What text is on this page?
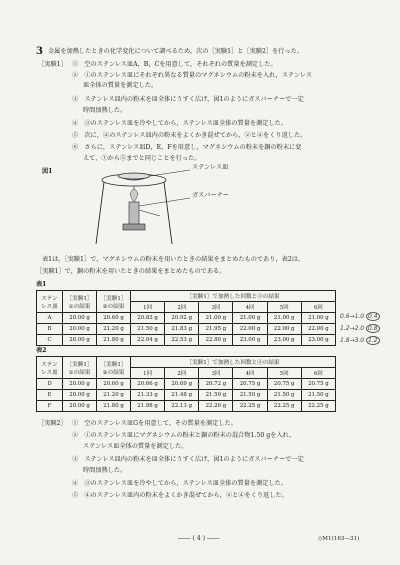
3 金属を加熱したときの化学変化について調べるため，次の［実験1］と［実験2］を行った。
［実験1］ ①　空のステンレス皿A，B，Cを用意して，それぞれの質量を測定した。
②　①のステンレス皿にそれぞれ異なる質量のマグネシウムの粉末を入れ，ステンレス
皿全体の質量を測定した。
③　ステンレス皿内の粉末を皿全体にうすく広げ，図1のようにガスバーナーで一定
時間加熱した。
④　③のステンレス皿を冷やしてから，ステンレス皿全体の質量を測定した。
⑤　次に，④のステンレス皿内の粉末をよくかき混ぜてから，②と④をくり返した。
⑥　さらに，ステンレス皿D，E，Fを用意し，マグネシウムの粉末を銅の粉末に変
えて，①から⑤までと同じことを行った。
図1
ステンレス皿
ガスバーナー
表1は，［実験1］で，マグネシウムの粉末を用いたときの結果をまとめたものであり，表2は，
［実験1］で，銅の粉末を用いたときの結果をまとめたものである。
表1
ステン
レス皿	［実験1］
①の結果	［実験1］
②の結果	［実験1］で加熱した回数と④の結果					
			1回	2回	3回	4回	5回	6回
A	20.00 g	20.60 g	20.83 g	20.92 g	21.00 g	21.00 g	21.00 g	21.00 g
B	20.00 g	21.20 g	21.50 g	21.83 g	21.95 g	22.00 g	22.00 g	22.00 g
C	20.00 g	21.80 g	22.04 g	22.53 g	22.80 g	23.00 g	23.00 g	23.00 g
0.6→1.0 0.4
1.2→2.0 0.8
1.8→3.0 1.2
表2
ステン
レス皿	［実験1］
①の結果	［実験1］
②の結果	［実験1］で加熱した回数と④の結果					
			1回	2回	3回	4回	5回	6回
D	20.00 g	20.60 g	20.66 g	20.69 g	20.72 g	20.75 g	20.75 g	20.75 g
E	20.00 g	21.20 g	21.33 g	21.48 g	21.50 g	21.50 g	21.50 g	21.50 g
F	20.00 g	21.80 g	21.98 g	22.13 g	22.20 g	22.25 g	22.25 g	22.25 g
［実験2］ ①　空のステンレス皿Gを用意して，その質量を測定した。
②　①のステンレス皿にマグネシウムの粉末と銅の粉末の混合物1.50 gを入れ，
ステンレス皿全体の質量を測定した。
③　ステンレス皿内の粉末を皿全体にうすく広げ，図1のようにガスバーナーで一定
時間加熱した。
④　③のステンレス皿を冷やしてから，ステンレス皿全体の質量を測定した。
⑤　④のステンレス皿内の粉末をよくかき混ぜてから，②と④をくり返した。
―― ( 4 ) ――	◇M1(163―31)
